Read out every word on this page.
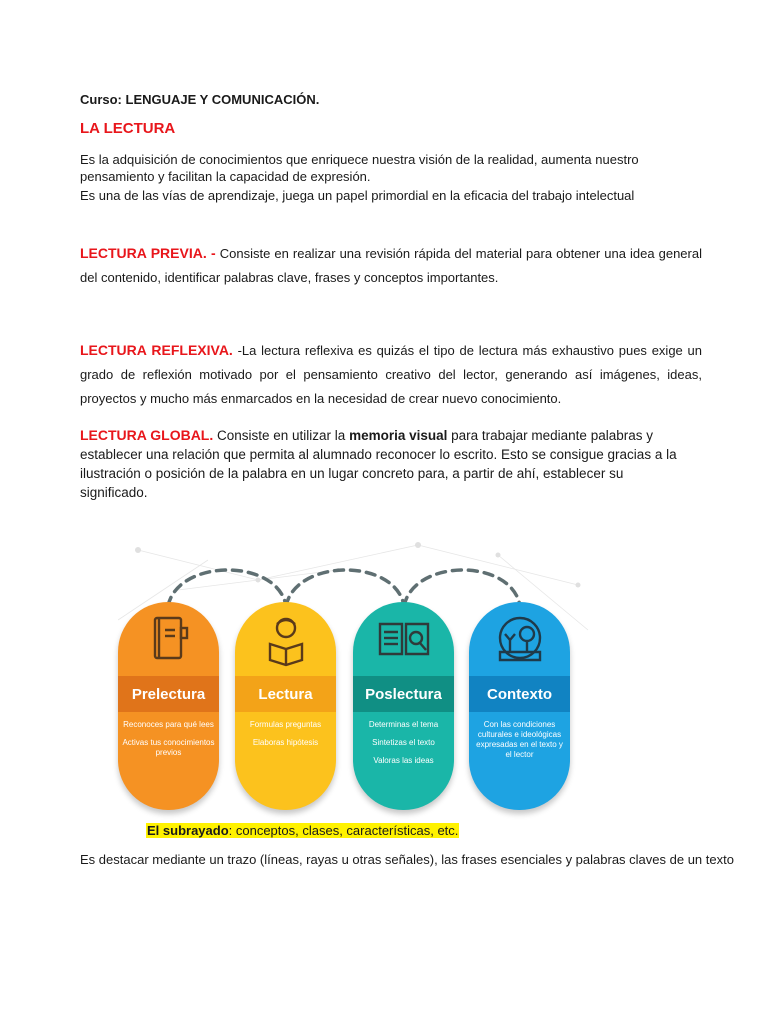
Curso: LENGUAJE Y COMUNICACIÓN.
LA LECTURA
Es la adquisición de conocimientos que enriquece nuestra visión de la realidad, aumenta nuestro pensamiento y facilitan la capacidad de expresión.
Es una de las vías de aprendizaje, juega un papel primordial en la eficacia del trabajo intelectual
LECTURA PREVIA. - Consiste en realizar una revisión rápida del material para obtener una idea general del contenido, identificar palabras clave, frases y conceptos importantes.
LECTURA REFLEXIVA. -La lectura reflexiva es quizás el tipo de lectura más exhaustivo pues exige un grado de reflexión motivado por el pensamiento creativo del lector, generando así imágenes, ideas, proyectos y mucho más enmarcados en la necesidad de crear nuevo conocimiento.
LECTURA GLOBAL. Consiste en utilizar la memoria visual para trabajar mediante palabras y establecer una relación que permita al alumnado reconocer lo escrito. Esto se consigue gracias a la ilustración o posición de la palabra en un lugar concreto para, a partir de ahí, establecer su significado.
Prelectura
Reconoces para qué lees
Activas tus conocimientos previos
Lectura
Formulas preguntas
Elaboras hipótesis
Poslectura
Determinas el tema
Sintetizas el texto
Valoras las ideas
Contexto
Con las condiciones culturales e ideológicas expresadas en el texto y el lector
El subrayado: conceptos, clases, características, etc.
Es destacar mediante un trazo (líneas, rayas u otras señales), las frases esenciales y palabras claves de un texto
